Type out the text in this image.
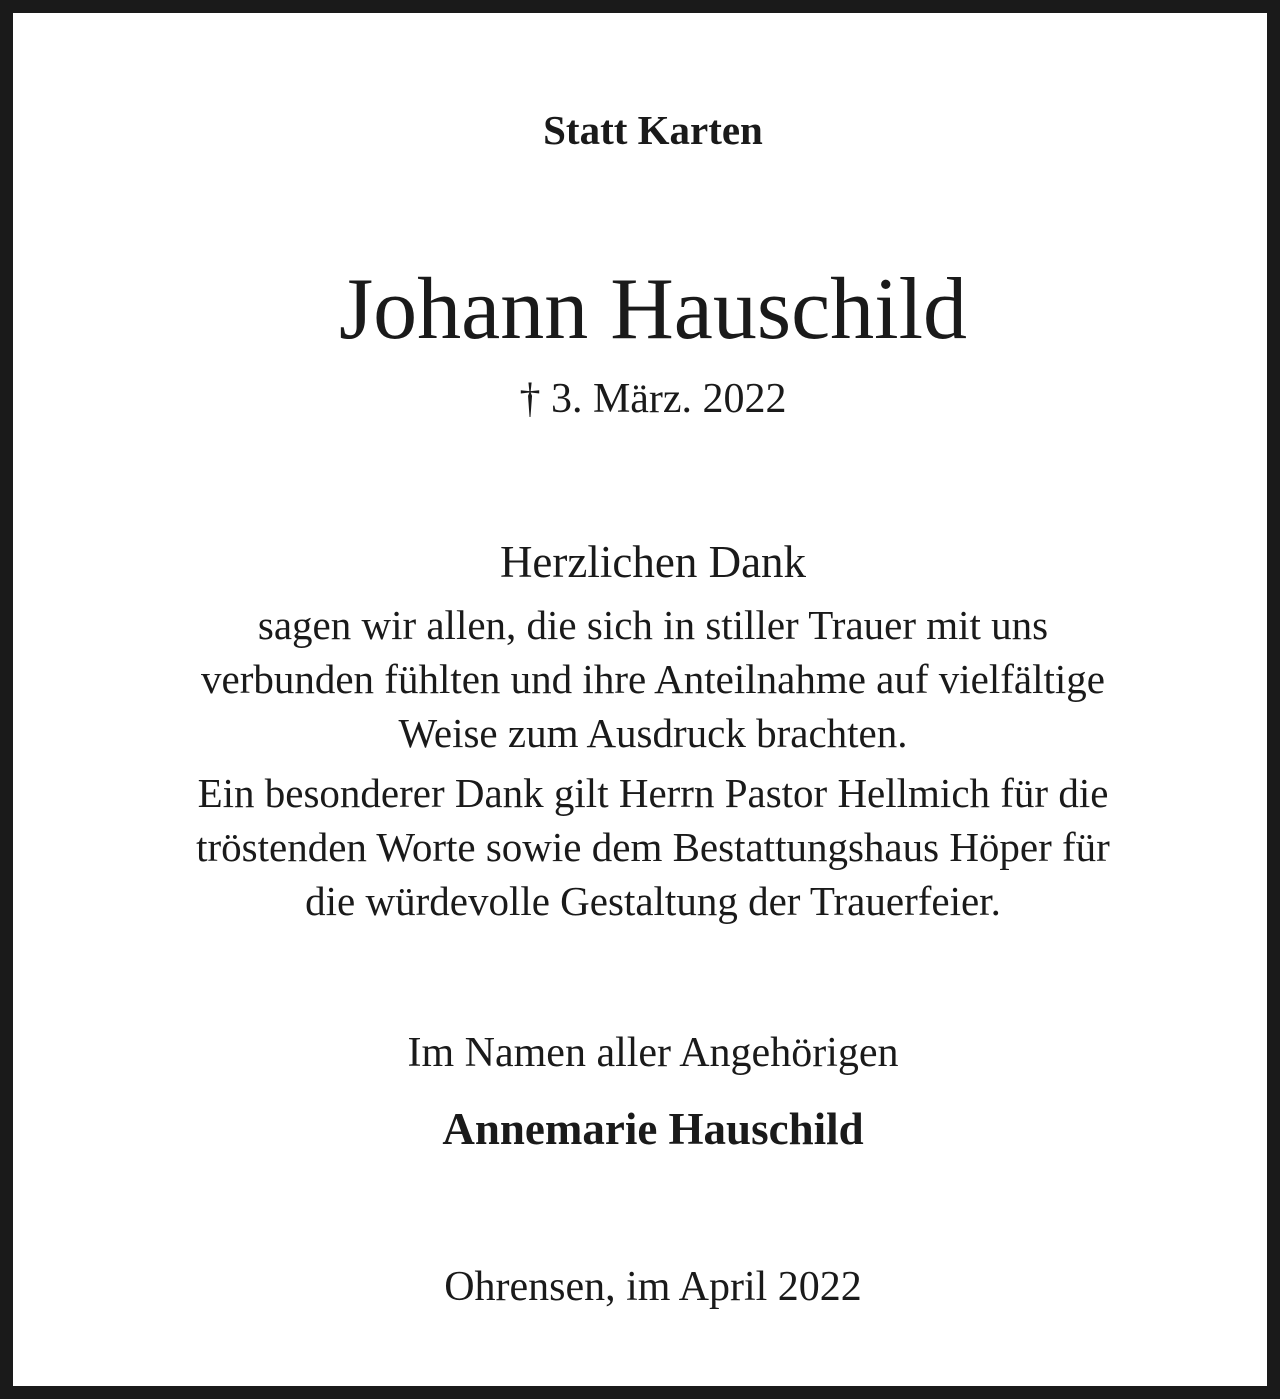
Statt Karten
Johann Hauschild
† 3. März. 2022
Herzlichen Dank
sagen wir allen, die sich in stiller Trauer mit uns
verbunden fühlten und ihre Anteilnahme auf vielfältige
Weise zum Ausdruck brachten.
Ein besonderer Dank gilt Herrn Pastor Hellmich für die
tröstenden Worte sowie dem Bestattungshaus Höper für
die würdevolle Gestaltung der Trauerfeier.
Im Namen aller Angehörigen
Annemarie Hauschild
Ohrensen, im April 2022
